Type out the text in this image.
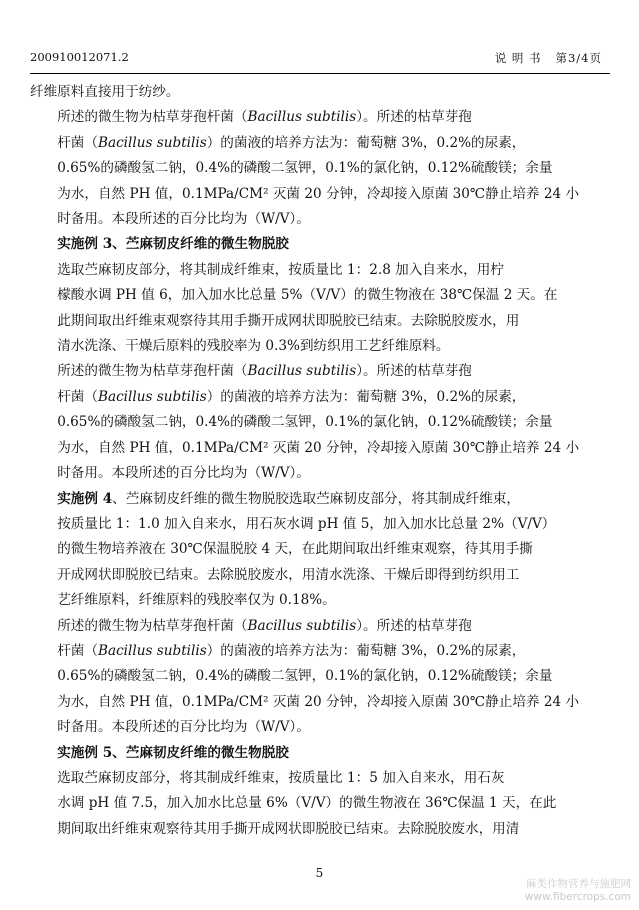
200910012071.2	说 明 书 第3/4页
纤维原料直接用于纺纱。
所述的微生物为枯草芽孢杆菌（Bacillus subtilis）。所述的枯草芽孢
杆菌（Bacillus subtilis）的菌液的培养方法为：葡萄糖 3%，0.2%的尿素，
0.65%的磷酸氢二钠，0.4%的磷酸二氢钾，0.1%的氯化钠，0.12%硫酸镁；余量
为水，自然 PH 值，0.1MPa/CM² 灭菌 20 分钟，冷却接入原菌 30℃静止培养 24 小
时备用。本段所述的百分比均为（W/V）。
实施例 3、苎麻韧皮纤维的微生物脱胶
选取苎麻韧皮部分，将其制成纤维束，按质量比 1：2.8 加入自来水，用柠
檬酸水调 PH 值 6，加入加水比总量 5%（V/V）的微生物液在 38℃保温 2 天。在
此期间取出纤维束观察待其用手撕开成网状即脱胶已结束。去除脱胶废水，用
清水洗涤、干燥后原料的残胶率为 0.3%到纺织用工艺纤维原料。
所述的微生物为枯草芽孢杆菌（Bacillus subtilis）。所述的枯草芽孢
杆菌（Bacillus subtilis）的菌液的培养方法为：葡萄糖 3%，0.2%的尿素，
0.65%的磷酸氢二钠，0.4%的磷酸二氢钾，0.1%的氯化钠，0.12%硫酸镁；余量
为水，自然 PH 值，0.1MPa/CM² 灭菌 20 分钟，冷却接入原菌 30℃静止培养 24 小
时备用。本段所述的百分比均为（W/V）。
实施例 4、苎麻韧皮纤维的微生物脱胶选取苎麻韧皮部分，将其制成纤维束，
按质量比 1：1.0 加入自来水，用石灰水调 pH 值 5，加入加水比总量 2%（V/V）
的微生物培养液在 30℃保温脱胶 4 天，在此期间取出纤维束观察，待其用手撕
开成网状即脱胶已结束。去除脱胶废水，用清水洗涤、干燥后即得到纺织用工
艺纤维原料，纤维原料的残胶率仅为 0.18%。
所述的微生物为枯草芽孢杆菌（Bacillus subtilis）。所述的枯草芽孢
杆菌（Bacillus subtilis）的菌液的培养方法为：葡萄糖 3%，0.2%的尿素，
0.65%的磷酸氢二钠，0.4%的磷酸二氢钾，0.1%的氯化钠，0.12%硫酸镁；余量
为水，自然 PH 值，0.1MPa/CM² 灭菌 20 分钟，冷却接入原菌 30℃静止培养 24 小
时备用。本段所述的百分比均为（W/V）。
实施例 5、苎麻韧皮纤维的微生物脱胶
选取苎麻韧皮部分，将其制成纤维束，按质量比 1：5 加入自来水，用石灰
水调 pH 值 7.5，加入加水比总量 6%（V/V）的微生物液在 36℃保温 1 天，在此
期间取出纤维束观察待其用手撕开成网状即脱胶已结束。去除脱胶废水，用清
5
麻类作物营养与施肥网
www.fibercrops.com
